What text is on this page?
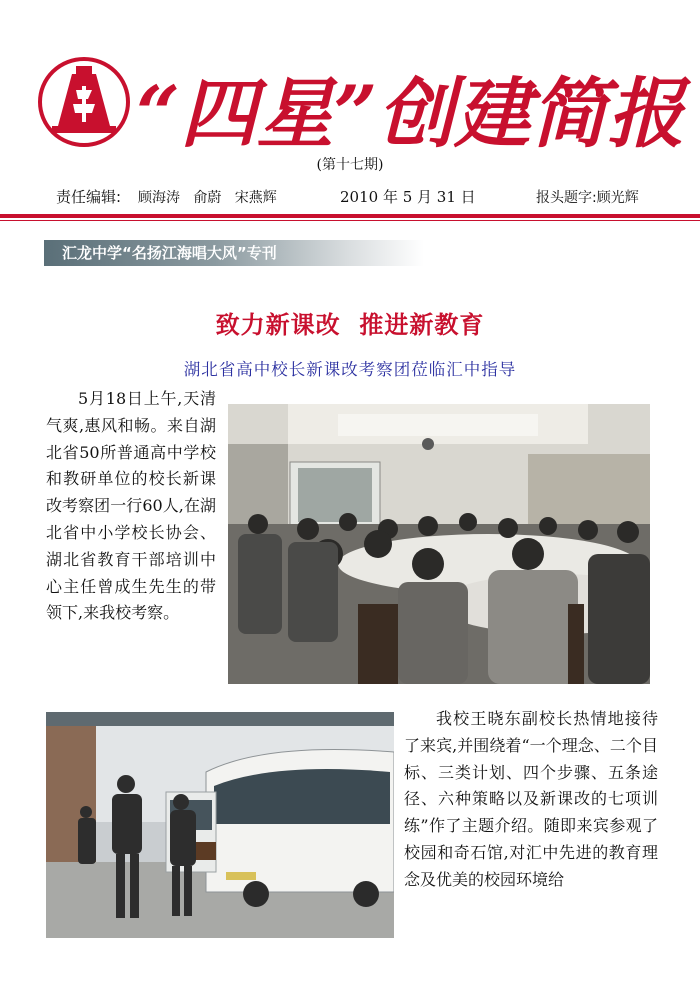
“四星”创建简报
(第十七期)
责任编辑: 顾海涛   俞蔚   宋燕辉	2010 年 5 月 31 日	报头题字:顾光辉
汇龙中学“名扬江海唱大风”专刊
致力新课改  推进新教育
湖北省高中校长新课改考察团莅临汇中指导

5月18日上午,天清气爽,惠风和畅。来自湖北省50所普通高中学校和教研单位的校长新课改考察团一行60人,在湖北省中小学校长协会、湖北省教育干部培训中心主任曾成生先生的带领下,来我校考察。

我校王晓东副校长热情地接待了来宾,并围绕着“一个理念、二个目标、三类计划、四个步骤、五条途径、六种策略以及新课改的七项训练”作了主题介绍。随即来宾参观了校园和奇石馆,对汇中先进的教育理念及优美的校园环境给
